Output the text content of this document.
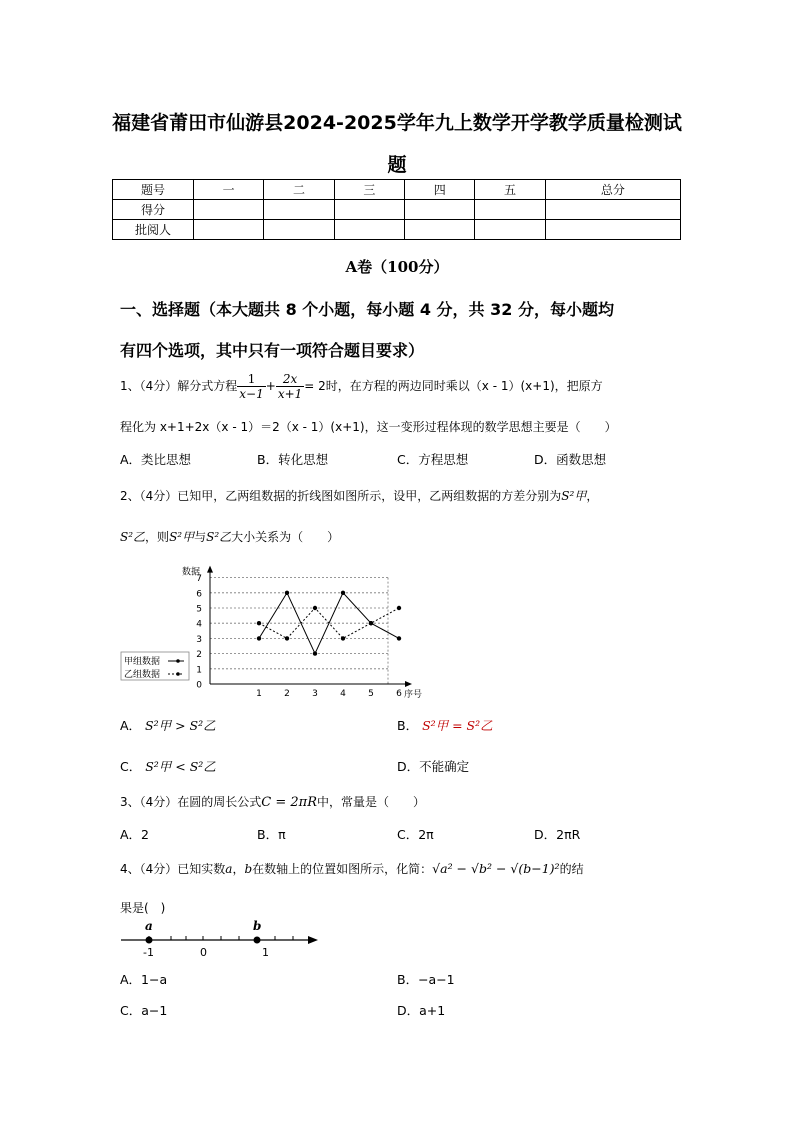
福建省莆田市仙游县2024-2025学年九上数学开学教学质量检测试
题
题号	一	二	三	四	五	总分
得分						
批阅人						
A卷（100分）
一、选择题（本大题共 8 个小题，每小题 4 分，共 32 分，每小题均
有四个选项，其中只有一项符合题目要求）
1、（4分）解分式方程 $\frac{1}{x-1} + \frac{2x}{x+1} = 2$时，在方程的两边同时乘以（x - 1）(x+1)，把原方
程化为 x+1+2x（x - 1）＝2（x - 1）(x+1)，这一变形过程体现的数学思想主要是（　　）
A．类比思想	B．转化思想	C．方程思想	D．函数思想
2、（4分）已知甲，乙两组数据的折线图如图所示，设甲，乙两组数据的方差分别为S²甲，
S²乙，则S²甲与S²乙大小关系为（　　）
0
1
2
3
4
5
6
7
1 2 3 4 5 6
数据
序号
甲组数据
乙组数据
A． S²甲 > S²乙	B． S²甲 = S²乙
C． S²甲 < S²乙	D．不能确定
3、（4分）在圆的周长公式C = 2πR中，常量是（　　）
A．2	B．π	C．2π	D．2πR
4、（4分）已知实数a，b在数轴上的位置如图所示，化简：√a² − √b² − √(b−1)²的结
果是(　)
a	b
-1	0	1
A．1−a	B．−a−1
C．a−1	D．a+1
